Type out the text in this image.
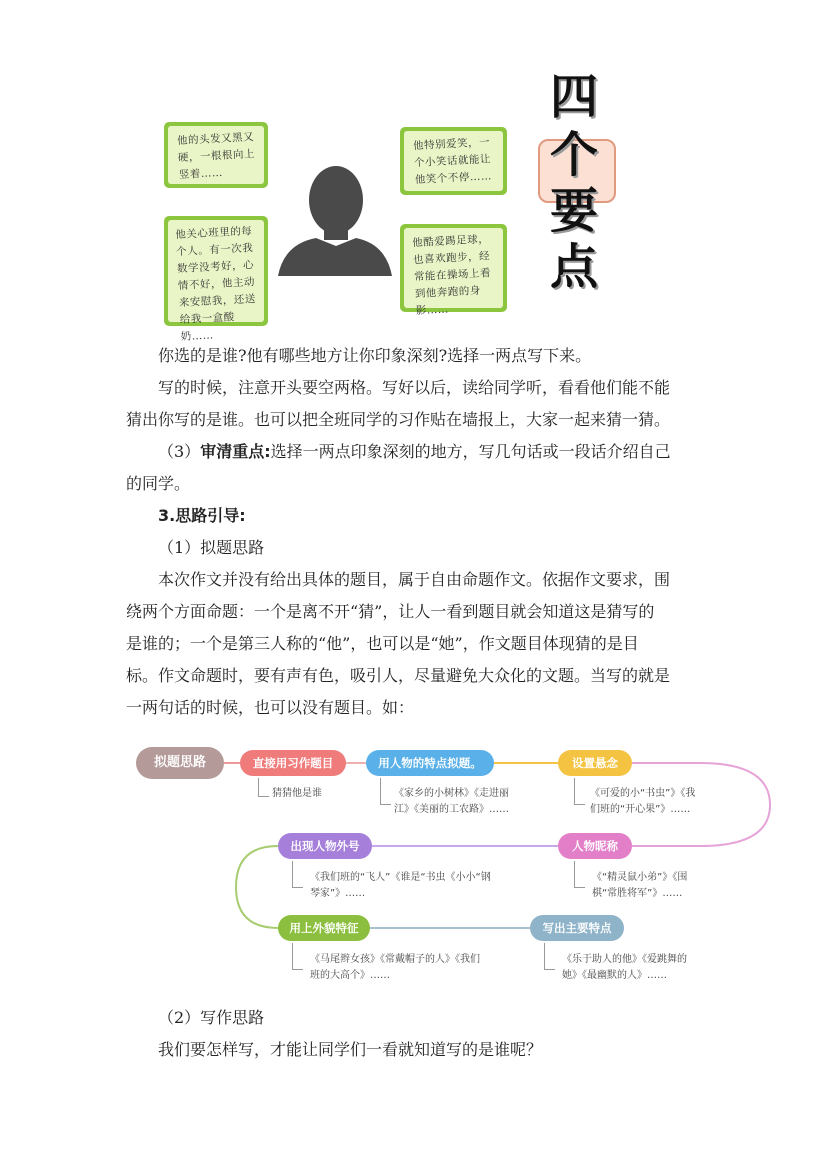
他的头发又黑又硬，一根根向上竖着……
他特别爱笑，一个小笑话就能让他笑个不停……
他关心班里的每个人。有一次我数学没考好，心情不好，他主动来安慰我，还送给我一盒酸奶……
他酷爱踢足球，也喜欢跑步，经常能在操场上看到他奔跑的身影……
四
个
要
点
你选的是谁?他有哪些地方让你印象深刻?选择一两点写下来。
写的时候，注意开头要空两格。写好以后，读给同学听，看看他们能不能
猜出你写的是谁。也可以把全班同学的习作贴在墙报上，大家一起来猜一猜。
（3）审清重点:选择一两点印象深刻的地方，写几句话或一段话介绍自己
的同学。
3.思路引导:
（1）拟题思路
本次作文并没有给出具体的题目，属于自由命题作文。依据作文要求，围
绕两个方面命题：一个是离不开“猜”，让人一看到题目就会知道这是猜写的
是谁的；一个是第三人称的“他”，也可以是“她”，作文题目体现猜的是目
标。作文命题时，要有声有色，吸引人，尽量避免大众化的文题。当写的就是
一两句话的时候，也可以没有题目。如：
拟题思路	直接用习作题目
猜猜他是谁
用人物的特点拟题。
《家乡的小树林》《走进丽
江》《美丽的工农路》……
设置悬念
《可爱的小“书虫”》《我
们班的“开心果”》……
人物昵称
《“精灵鼠小弟”》《围
棋“常胜将军”》……
出现人物外号
《我们班的“飞人”《谁是“书虫《小小“钢
琴家”》……
用上外貌特征
《马尾辫女孩》《常戴帽子的人》《我们
班的大高个》……
写出主要特点
《乐于助人的他》《爱跳舞的
她》《最幽默的人》……
（2）写作思路
我们要怎样写，才能让同学们一看就知道写的是谁呢？
